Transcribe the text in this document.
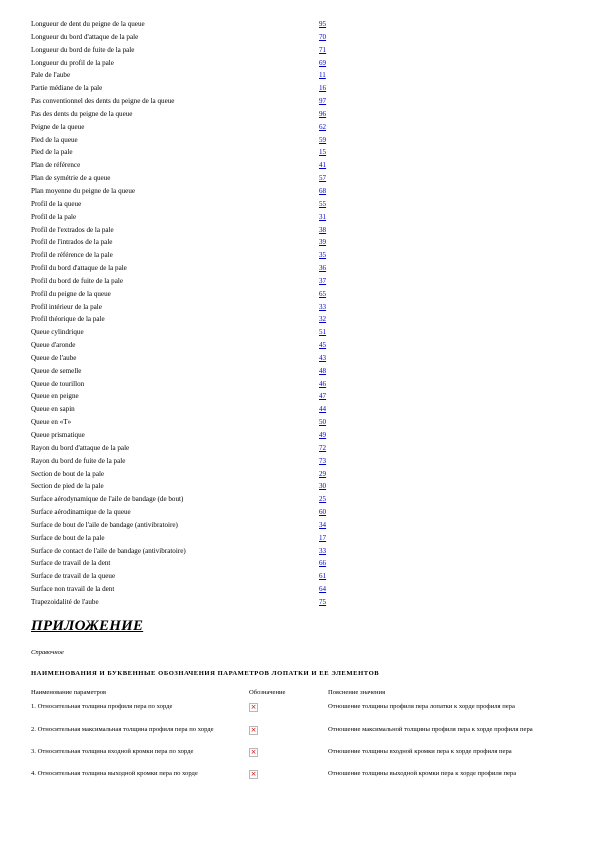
Longueur de dent du peigne de la queue	95
Longueur du bord d'attaque de la pale	70
Longueur du bord de fuite de la pale	71
Longueur du profil de la pale	69
Pale de l'aube	11
Partie médiane de la pale	16
Pas conventionnel des dents du peigne de la queue	97
Pas des dents du peigne de la queue	96
Peigne de la queue	62
Pied de la queue	59
Pied de la pale	15
Plan de référence	41
Plan de symétrie de a queue	57
Plan moyenne du peigne de la queue	68
Profil de la queue	55
Profil de la pale	31
Profil de l'extrados de la pale	38
Profil de l'intrados de la pale	39
Profil de référence de la pale	35
Profil du bord d'attaque de la pale	36
Profil du bord de fuite de la pale	37
Profil du peigne de la queue	65
Profil intérieur de la pale	33
Profil théorique de la pale	32
Queue cylindrique	51
Queue d'aronde	45
Queue de l'aube	43
Queue de semelle	48
Queue de tourillon	46
Queue en peigne	47
Queue en sapin	44
Queue en «T»	50
Queue prismatique	49
Rayon du bord d'attaque de la pale	72
Rayon du bord de fuite de la pale	73
Section de bout de la pale	29
Section de pied de la pale	30
Surface aérodynamique de l'aile de bandage (de bout)	25
Surface aérodinamique de la queue	60
Surface de bout de l'aile de bandage (antivibratoire)	34
Surface de bout de la pale	17
Surface de contact de l'aile de bandage (antivibratoire)	33
Surface de travail de la dent	66
Surface de travail de la queue	61
Surface non travail de la dent	64
Trapezoidalité de l'aube	75
ПРИЛОЖЕНИЕ
Справочное
НАИМЕНОВАНИЯ И БУКВЕННЫЕ ОБОЗНАЧЕНИЯ ПАРАМЕТРОВ ЛОПАТКИ И ЕЕ ЭЛЕМЕНТОВ
Наименование параметров	Обозначение	Пояснение значения
1. Относительная толщина профиля пера по хорде	×	Отношение толщины профиля пера лопатки к хорде профиля пера
2. Относительная максимальная толщина профиля пера по хорде	×	Отношение максимальной толщины профиля пера к хорде профиля пера
3. Относительная толщина входной кромки пера по хорде	×	Отношение толщины входной кромки пера к хорде профиля пера
4. Относительная толщина выходной кромки пера по хорде	×	Отношение толщины выходной кромки пера к хорде профиля пера
